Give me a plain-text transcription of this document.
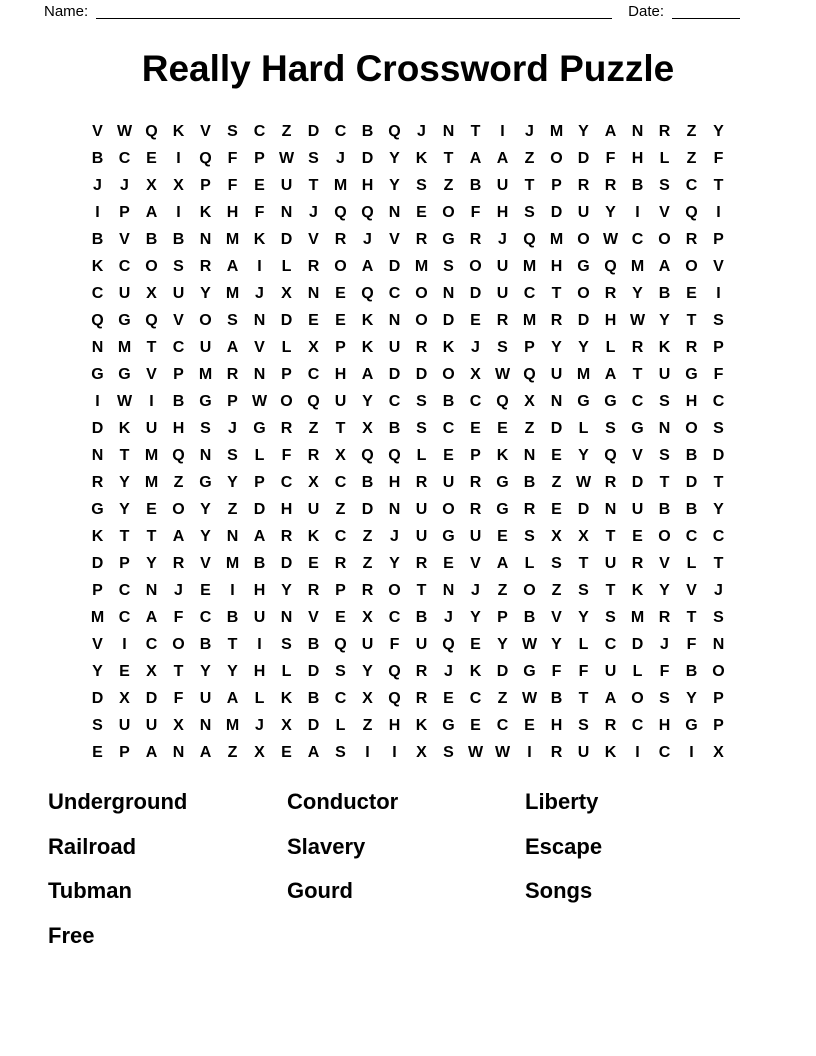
Name:	Date:
Really Hard Crossword Puzzle
V W Q K V	S C	Z	D C B Q	J	N	T	I	J M Y A N R	Z	Y
B C E	I	Q F	P W S	J	D Y K	T	A A	Z O D	F	H	L	Z	F
J	J	X	X	P	F	E U	T M H Y	S	Z	B U	T	P R R B S C	T
I	P A	I	K H	F	N	J	Q Q N E O F	H S D U Y	I	V Q	I
B V B B N M K D V R	J	V R G R	J	Q M O W C O R P
K C O S R A	I	L	R O A D M S O U M H G Q M A O V
C U X U Y M J	X N E Q C O N D U C	T O R Y B E	I
Q G Q V O S N D E	E K N O D E R M R D H W Y	T	S
N M T	C U A V	L	X	P K U R K	J	S	P	Y	Y	L	R K R P
G G V	P M R N P C H A D D O X W Q U M A	T	U G F
I	W	I	B G P W O Q U Y C S B C Q X N G G C S H C
D K U H S	J	G R	Z	T	X B S C E	E	Z	D	L	S G N O S
N	T M Q N S	L	F	R X Q Q L	E	P K N E	Y Q V	S B D
R Y M Z G Y	P C X C B H R U R G B	Z W R D	T	D	T
G Y	E O Y	Z	D H U	Z	D N U O R G R E D N U B B Y
K	T	T	A Y N A R K C	Z	J	U G U E	S	X	X	T	E O C C
D P	Y R V M B D E R	Z	Y R E	V A	L	S	T	U R V	L	T
P C N	J	E	I	H Y R P R O T	N	J	Z O Z	S	T	K Y	V	J
M C A	F	C B U N V	E	X C B	J	Y	P B V	Y	S M R	T	S
V	I	C O B	T	I	S B Q U	F	U Q E	Y W Y	L	C D	J	F	N
Y	E	X	T	Y	Y H	L	D S	Y Q R	J	K D G F	F	U	L	F	B O
D X D	F	U A	L	K B C X Q R E C	Z W B	T	A O S	Y	P
S U U X N M J	X D	L	Z	H K G E C E H S R C H G P
E	P A N A	Z	X	E A S	I	I	X	S W W	I	R U K	I	C	I	X
Underground
Railroad
Tubman
Free
Conductor
Slavery
Gourd
Liberty
Escape
Songs
